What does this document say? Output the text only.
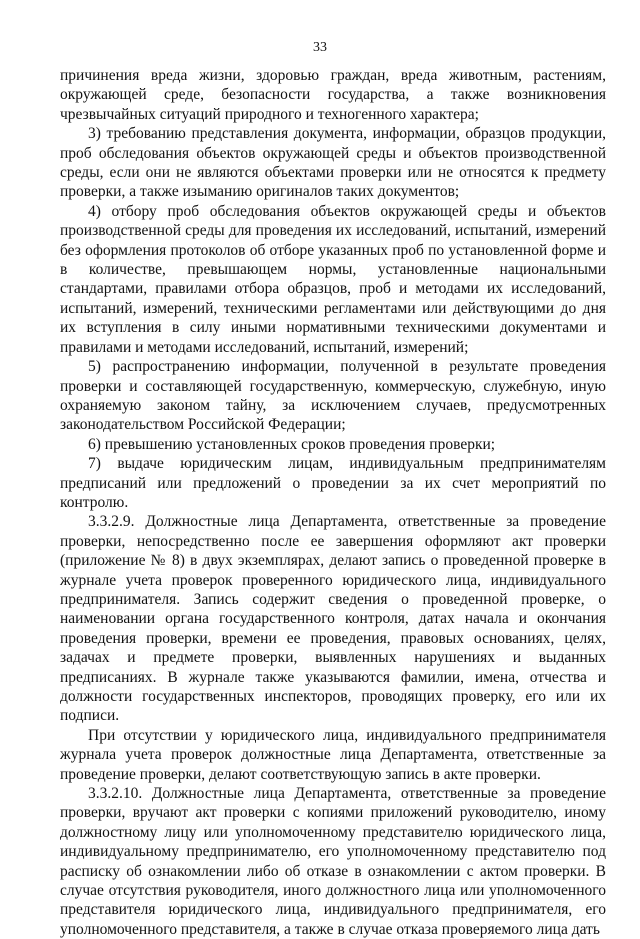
33

причинения вреда жизни, здоровью граждан, вреда животным, растениям, окружающей среде, безопасности государства, а также возникновения чрезвычайных ситуаций природного и техногенного характера;

3) требованию представления документа, информации, образцов продукции, проб обследования объектов окружающей среды и объектов производственной среды, если они не являются объектами проверки или не относятся к предмету проверки, а также изыманию оригиналов таких документов;

4) отбору проб обследования объектов окружающей среды и объектов производственной среды для проведения их исследований, испытаний, измерений без оформления протоколов об отборе указанных проб по установленной форме и в количестве, превышающем нормы, установленные национальными стандартами, правилами отбора образцов, проб и методами их исследований, испытаний, измерений, техническими регламентами или действующими до дня их вступления в силу иными нормативными техническими документами и правилами и методами исследований, испытаний, измерений;

5) распространению информации, полученной в результате проведения проверки и составляющей государственную, коммерческую, служебную, иную охраняемую законом тайну, за исключением случаев, предусмотренных законодательством Российской Федерации;

6) превышению установленных сроков проведения проверки;

7) выдаче юридическим лицам, индивидуальным предпринимателям предписаний или предложений о проведении за их счет мероприятий по контролю.

3.3.2.9. Должностные лица Департамента, ответственные за проведение проверки, непосредственно после ее завершения оформляют акт проверки (приложение № 8) в двух экземплярах, делают запись о проведенной проверке в журнале учета проверок проверенного юридического лица, индивидуального предпринимателя. Запись содержит сведения о проведенной проверке, о наименовании органа государственного контроля, датах начала и окончания проведения проверки, времени ее проведения, правовых основаниях, целях, задачах и предмете проверки, выявленных нарушениях и выданных предписаниях. В журнале также указываются фамилии, имена, отчества и должности государственных инспекторов, проводящих проверку, его или их подписи.

При отсутствии у юридического лица, индивидуального предпринимателя журнала учета проверок должностные лица Департамента, ответственные за проведение проверки, делают соответствующую запись в акте проверки.

3.3.2.10. Должностные лица Департамента, ответственные за проведение проверки, вручают акт проверки с копиями приложений руководителю, иному должностному лицу или уполномоченному представителю юридического лица, индивидуальному предпринимателю, его уполномоченному представителю под расписку об ознакомлении либо об отказе в ознакомлении с актом проверки. В случае отсутствия руководителя, иного должностного лица или уполномоченного представителя юридического лица, индивидуального предпринимателя, его уполномоченного представителя, а также в случае отказа проверяемого лица дать
